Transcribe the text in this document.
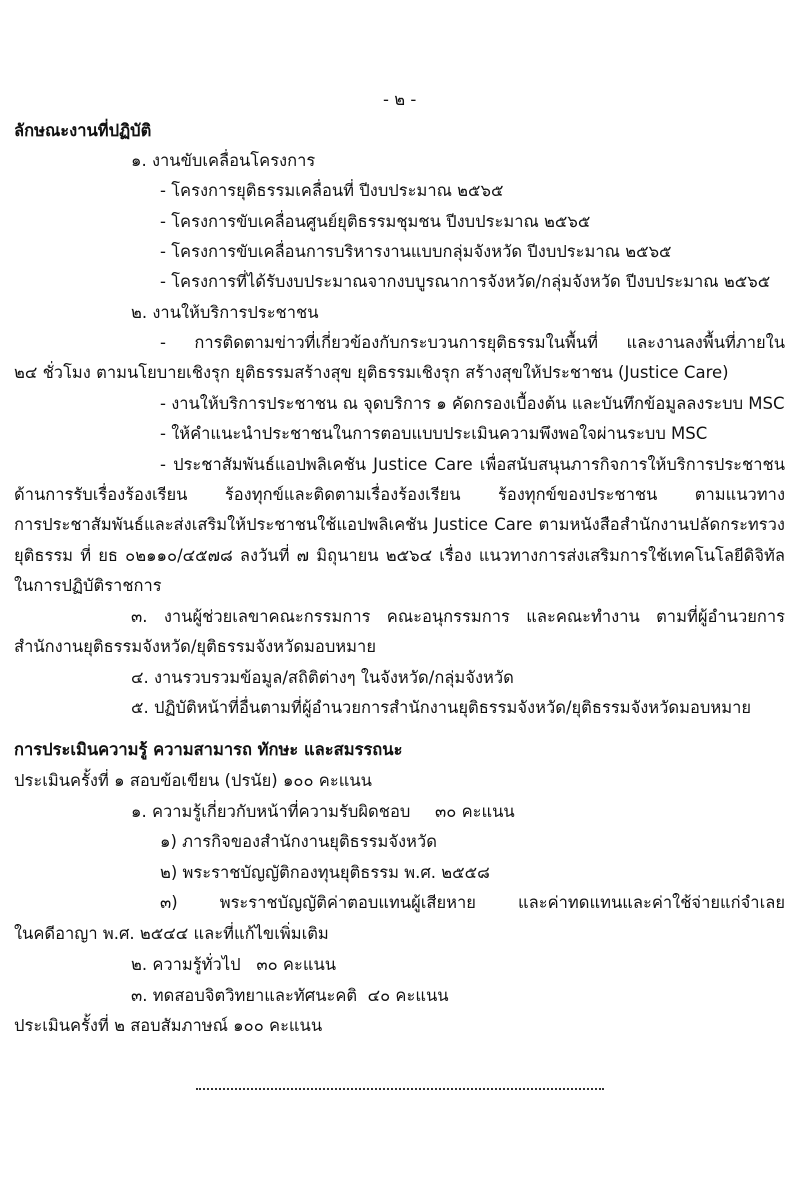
- ๒ -
ลักษณะงานที่ปฏิบัติ
๑. งานขับเคลื่อนโครงการ
- โครงการยุติธรรมเคลื่อนที่ ปีงบประมาณ ๒๕๖๕
- โครงการขับเคลื่อนศูนย์ยุติธรรมชุมชน ปีงบประมาณ ๒๕๖๕
- โครงการขับเคลื่อนการบริหารงานแบบกลุ่มจังหวัด ปีงบประมาณ ๒๕๖๕
- โครงการที่ได้รับงบประมาณจากงบบูรณาการจังหวัด/กลุ่มจังหวัด ปีงบประมาณ ๒๕๖๕
๒. งานให้บริการประชาชน
- การติดตามข่าวที่เกี่ยวข้องกับกระบวนการยุติธรรมในพื้นที่ และงานลงพื้นที่ภายใน
๒๔ ชั่วโมง ตามนโยบายเชิงรุก ยุติธรรมสร้างสุข ยุติธรรมเชิงรุก สร้างสุขให้ประชาชน (Justice Care)
- งานให้บริการประชาชน ณ จุดบริการ ๑ คัดกรองเบื้องต้น และบันทึกข้อมูลลงระบบ MSC
- ให้คำแนะนำประชาชนในการตอบแบบประเมินความพึงพอใจผ่านระบบ MSC
- ประชาสัมพันธ์แอปพลิเคชัน Justice Care เพื่อสนับสนุนภารกิจการให้บริการประชาชน
ด้านการรับเรื่องร้องเรียน ร้องทุกข์และติดตามเรื่องร้องเรียน ร้องทุกข์ของประชาชน ตามแนวทาง
การประชาสัมพันธ์และส่งเสริมให้ประชาชนใช้แอปพลิเคชัน Justice Care ตามหนังสือสำนักงานปลัดกระทรวง
ยุติธรรม ที่ ยธ ๐๒๑๑๐/๔๕๗๘ ลงวันที่ ๗ มิถุนายน ๒๕๖๔ เรื่อง แนวทางการส่งเสริมการใช้เทคโนโลยีดิจิทัล
ในการปฏิบัติราชการ
๓. งานผู้ช่วยเลขาคณะกรรมการ คณะอนุกรรมการ และคณะทำงาน ตามที่ผู้อำนวยการ
สำนักงานยุติธรรมจังหวัด/ยุติธรรมจังหวัดมอบหมาย
๔. งานรวบรวมข้อมูล/สถิติต่างๆ ในจังหวัด/กลุ่มจังหวัด
๕. ปฏิบัติหน้าที่อื่นตามที่ผู้อำนวยการสำนักงานยุติธรรมจังหวัด/ยุติธรรมจังหวัดมอบหมาย
การประเมินความรู้ ความสามารถ ทักษะ และสมรรถนะ
ประเมินครั้งที่ ๑ สอบข้อเขียน (ปรนัย) ๑๐๐ คะแนน
๑. ความรู้เกี่ยวกับหน้าที่ความรับผิดชอบ ๓๐ คะแนน
๑) ภารกิจของสำนักงานยุติธรรมจังหวัด
๒) พระราชบัญญัติกองทุนยุติธรรม พ.ศ. ๒๕๕๘
๓) พระราชบัญญัติค่าตอบแทนผู้เสียหาย และค่าทดแทนและค่าใช้จ่ายแก่จำเลย
ในคดีอาญา พ.ศ. ๒๕๔๔ และที่แก้ไขเพิ่มเติม
๒. ความรู้ทั่วไป   ๓๐ คะแนน
๓. ทดสอบจิตวิทยาและทัศนะคติ  ๔๐ คะแนน
ประเมินครั้งที่ ๒ สอบสัมภาษณ์ ๑๐๐ คะแนน
